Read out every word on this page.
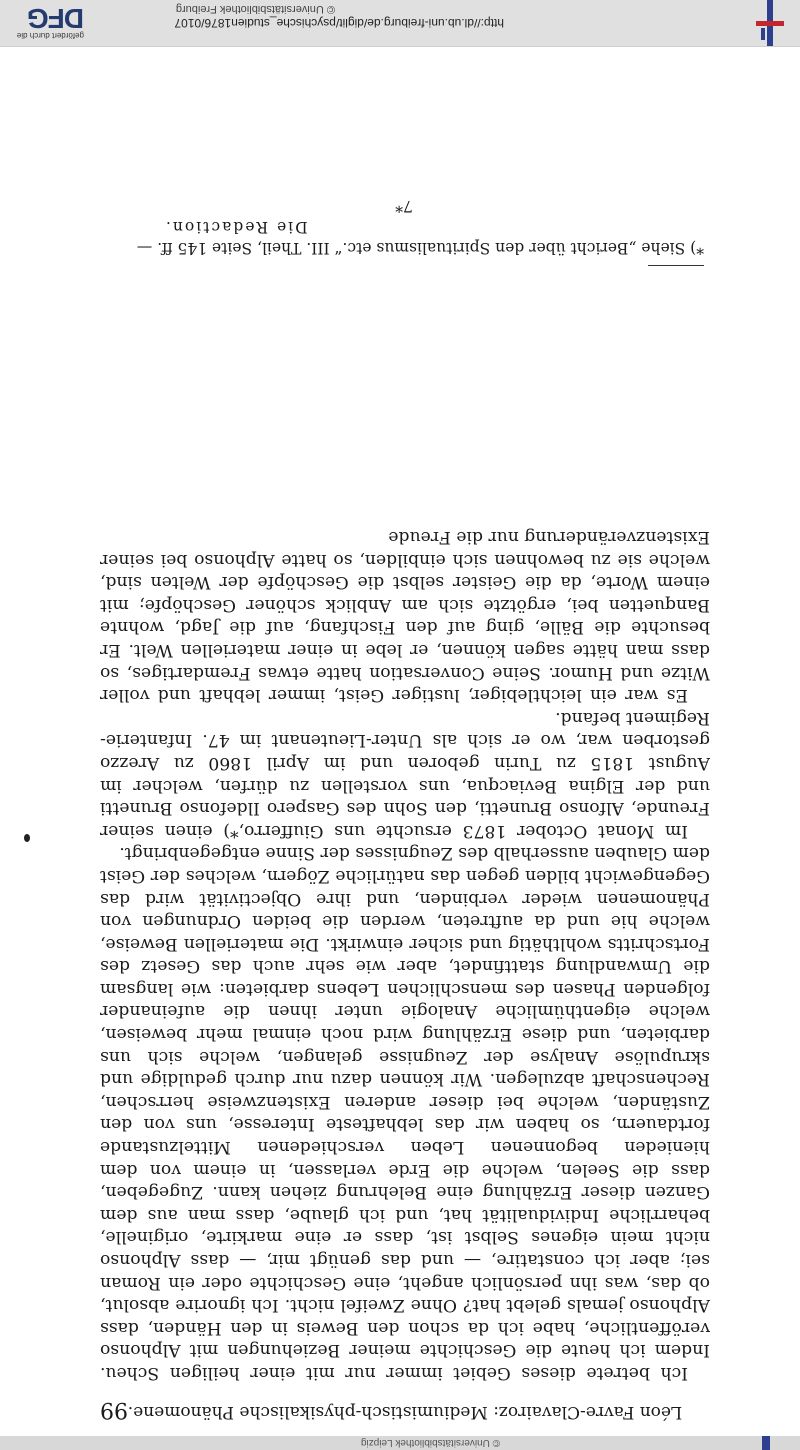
© Universitätsbibliothek Leipzig
Léon Favre-Clavairoz: Mediumistisch-physikalische Phänomene.
99

Ich betrete dieses Gebiet immer nur mit einer heiligen Scheu. Indem ich heute die Geschichte meiner Beziehungen mit Alphonso veröffentliche, habe ich da schon den Beweis in den Händen, dass Alphonso jemals gelebt hat? Ohne Zweifel nicht. Ich ignorire absolut, ob das, was ihn persönlich angeht, eine Geschichte oder ein Roman sei; aber ich constatire, — und das genügt mir, — dass Alphonso nicht mein eigenes Selbst ist, dass er eine markirte, originelle, beharrliche Individualität hat, und ich glaube, dass man aus dem Ganzen dieser Erzählung eine Belehrung ziehen kann. Zugegeben, dass die Seelen, welche die Erde verlassen, in einem von dem hienieden begonnenen Leben verschiedenen Mittelzustande fortdauern, so haben wir das lebhafteste Interesse, uns von den Zuständen, welche bei dieser anderen Existenzweise herrschen, Rechenschaft abzulegen. Wir können dazu nur durch geduldige und skrupulöse Analyse der Zeugnisse gelangen, welche sich uns darbieten, und diese Erzählung wird noch einmal mehr beweisen, welche eigenthümliche Analogie unter ihnen die aufeinander folgenden Phasen des menschlichen Lebens darbieten: wie langsam die Umwandlung stattfindet, aber wie sehr auch das Gesetz des Fortschritts wohlthätig und sicher einwirkt. Die materiellen Beweise, welche hie und da auftreten, werden die beiden Ordnungen von Phänomenen wieder verbinden, und ihre Objectivität wird das Gegengewicht bilden gegen das natürliche Zögern, welches der Geist dem Glauben ausserhalb des Zeugnisses der Sinne entgegenbringt.

Im Monat October 1873 ersuchte uns Giufferro,*) einen seiner Freunde, Alfonso Brunetti, den Sohn des Gaspero Ildefonso Brunetti und der Elgina Beviacqua, uns vorstellen zu dürfen, welcher im August 1815 zu Turin geboren und im April 1860 zu Arezzo gestorben war, wo er sich als Unter-Lieutenant im 47. Infanterie-Regiment befand.

Es war ein leichtlebiger, lustiger Geist, immer lebhaft und voller Witze und Humor. Seine Conversation hatte etwas Fremdartiges, so dass man hätte sagen können, er lebe in einer materiellen Welt. Er besuchte die Bälle, ging auf den Fischfang, auf die Jagd, wohnte Banquetten bei, ergötzte sich am Anblick schöner Geschöpfe; mit einem Worte, da die Geister selbst die Geschöpfe der Welten sind, welche sie zu bewohnen sich einbilden, so hatte Alphonso bei seiner Existenzveränderung nur die Freude

*) Siehe „Bericht über den Spiritualismus etc.“ III. Theil, Seite 145 ff. —
Die Redaction.
7*
http://dl.ub.uni-freiburg.de/diglit/psychische_studien1876/0107
© Universitätsbibliothek Freiburg
gefördert durch die
DFG
